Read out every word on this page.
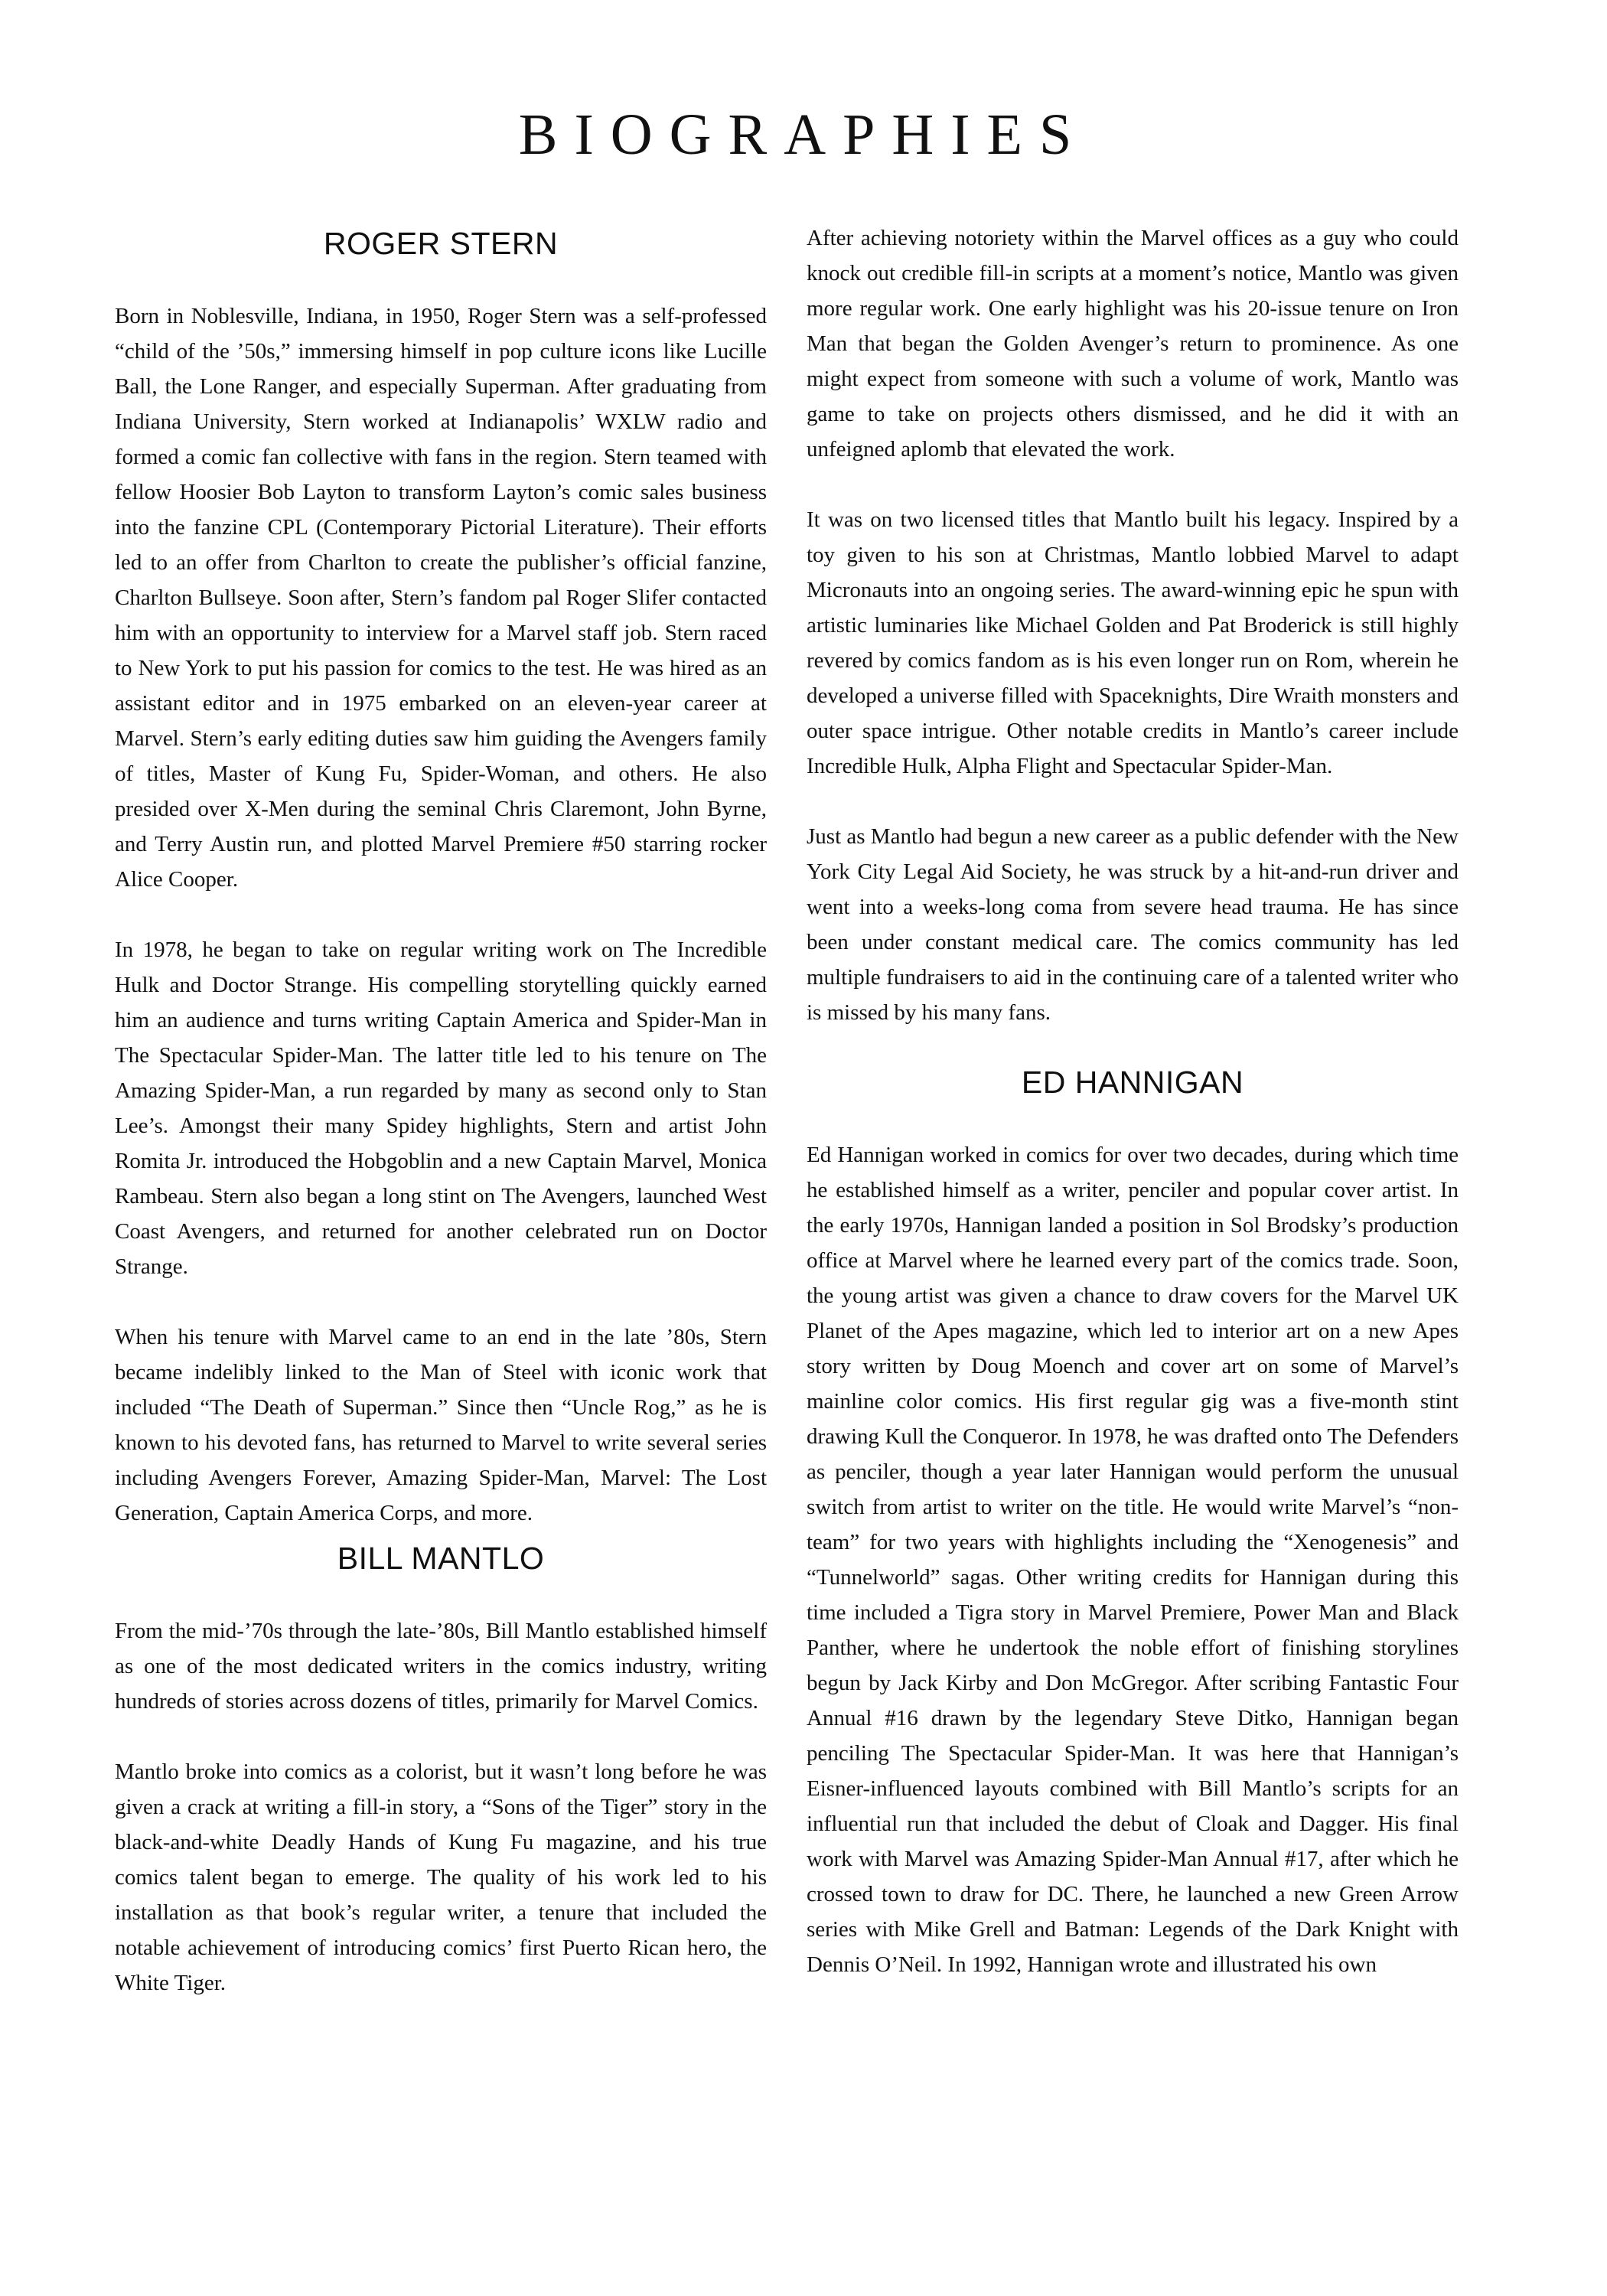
BIOGRAPHIES
ROGER STERN

Born in Noblesville, Indiana, in 1950, Roger Stern was a self-professed “child of the ’50s,” immersing himself in pop culture icons like Lucille Ball, the Lone Ranger, and especially Superman. After graduating from Indiana University, Stern worked at Indianapolis’ WXLW radio and formed a comic fan collective with fans in the region. Stern teamed with fellow Hoosier Bob Layton to transform Layton’s comic sales business into the fanzine CPL (Contemporary Pictorial Literature). Their efforts led to an offer from Charlton to create the publisher’s official fanzine, Charlton Bullseye. Soon after, Stern’s fandom pal Roger Slifer contacted him with an opportunity to interview for a Marvel staff job. Stern raced to New York to put his passion for comics to the test. He was hired as an assistant editor and in 1975 embarked on an eleven-year career at Marvel. Stern’s early editing duties saw him guiding the Avengers family of titles, Master of Kung Fu, Spider-Woman, and others. He also presided over X-Men during the seminal Chris Claremont, John Byrne, and Terry Austin run, and plotted Marvel Premiere #50 starring rocker Alice Cooper.

In 1978, he began to take on regular writing work on The Incredible Hulk and Doctor Strange. His compelling storytelling quickly earned him an audience and turns writing Captain America and Spider-Man in The Spectacular Spider-Man. The latter title led to his tenure on The Amazing Spider-Man, a run regarded by many as second only to Stan Lee’s. Amongst their many Spidey highlights, Stern and artist John Romita Jr. introduced the Hobgoblin and a new Captain Marvel, Monica Rambeau. Stern also began a long stint on The Avengers, launched West Coast Avengers, and returned for another celebrated run on Doctor Strange.

When his tenure with Marvel came to an end in the late ’80s, Stern became indelibly linked to the Man of Steel with iconic work that included “The Death of Superman.” Since then “Uncle Rog,” as he is known to his devoted fans, has returned to Marvel to write several series including Avengers Forever, Amazing Spider-Man, Marvel: The Lost Generation, Captain America Corps, and more.

BILL MANTLO

From the mid-’70s through the late-’80s, Bill Mantlo established himself as one of the most dedicated writers in the comics industry, writing hundreds of stories across dozens of titles, primarily for Marvel Comics.

Mantlo broke into comics as a colorist, but it wasn’t long before he was given a crack at writing a fill-in story, a “Sons of the Tiger” story in the black-and-white Deadly Hands of Kung Fu magazine, and his true comics talent began to emerge. The quality of his work led to his installation as that book’s regular writer, a tenure that included the notable achievement of introducing comics’ first Puerto Rican hero, the White Tiger.

After achieving notoriety within the Marvel offices as a guy who could knock out credible fill-in scripts at a moment’s notice, Mantlo was given more regular work. One early highlight was his 20-issue tenure on Iron Man that began the Golden Avenger’s return to prominence. As one might expect from someone with such a volume of work, Mantlo was game to take on projects others dismissed, and he did it with an unfeigned aplomb that elevated the work.

It was on two licensed titles that Mantlo built his legacy. Inspired by a toy given to his son at Christmas, Mantlo lobbied Marvel to adapt Micronauts into an ongoing series. The award-winning epic he spun with artistic luminaries like Michael Golden and Pat Broderick is still highly revered by comics fandom as is his even longer run on Rom, wherein he developed a universe filled with Spaceknights, Dire Wraith monsters and outer space intrigue. Other notable credits in Mantlo’s career include Incredible Hulk, Alpha Flight and Spectacular Spider-Man.

Just as Mantlo had begun a new career as a public defender with the New York City Legal Aid Society, he was struck by a hit-and-run driver and went into a weeks-long coma from severe head trauma. He has since been under constant medical care. The comics community has led multiple fundraisers to aid in the continuing care of a talented writer who is missed by his many fans.

ED HANNIGAN

Ed Hannigan worked in comics for over two decades, during which time he established himself as a writer, penciler and popular cover artist. In the early 1970s, Hannigan landed a position in Sol Brodsky’s production office at Marvel where he learned every part of the comics trade. Soon, the young artist was given a chance to draw covers for the Marvel UK Planet of the Apes magazine, which led to interior art on a new Apes story written by Doug Moench and cover art on some of Marvel’s mainline color comics. His first regular gig was a five-month stint drawing Kull the Conqueror. In 1978, he was drafted onto The Defenders as penciler, though a year later Hannigan would perform the unusual switch from artist to writer on the title. He would write Marvel’s “non-team” for two years with highlights including the “Xenogenesis” and “Tunnelworld” sagas. Other writing credits for Hannigan during this time included a Tigra story in Marvel Premiere, Power Man and Black Panther, where he undertook the noble effort of finishing storylines begun by Jack Kirby and Don McGregor. After scribing Fantastic Four Annual #16 drawn by the legendary Steve Ditko, Hannigan began penciling The Spectacular Spider-Man. It was here that Hannigan’s Eisner-influenced layouts combined with Bill Mantlo’s scripts for an influential run that included the debut of Cloak and Dagger. His final work with Marvel was Amazing Spider-Man Annual #17, after which he crossed town to draw for DC. There, he launched a new Green Arrow series with Mike Grell and Batman: Legends of the Dark Knight with Dennis O’Neil. In 1992, Hannigan wrote and illustrated his own
